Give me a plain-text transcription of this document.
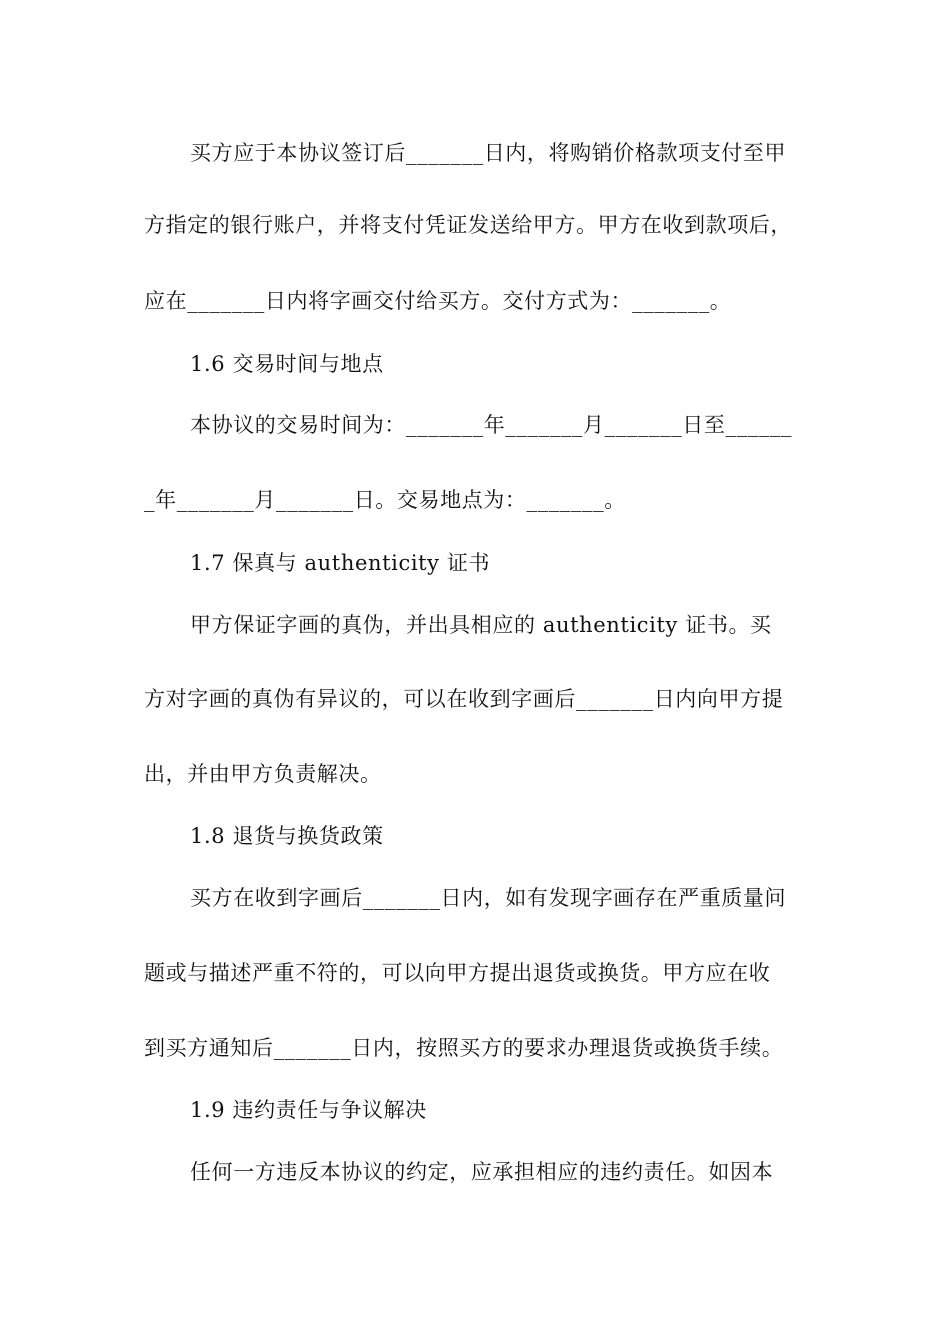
买方应于本协议签订后_______日内，将购销价格款项支付至甲
方指定的银行账户，并将支付凭证发送给甲方。甲方在收到款项后，
应在_______日内将字画交付给买方。交付方式为：_______。
1.6 交易时间与地点
本协议的交易时间为：_______年_______月_______日至______
_年_______月_______日。交易地点为：_______。
1.7 保真与 authenticity 证书
甲方保证字画的真伪，并出具相应的 authenticity 证书。买
方对字画的真伪有异议的，可以在收到字画后_______日内向甲方提
出，并由甲方负责解决。
1.8 退货与换货政策
买方在收到字画后_______日内，如有发现字画存在严重质量问
题或与描述严重不符的，可以向甲方提出退货或换货。甲方应在收
到买方通知后_______日内，按照买方的要求办理退货或换货手续。
1.9 违约责任与争议解决
任何一方违反本协议的约定，应承担相应的违约责任。如因本
